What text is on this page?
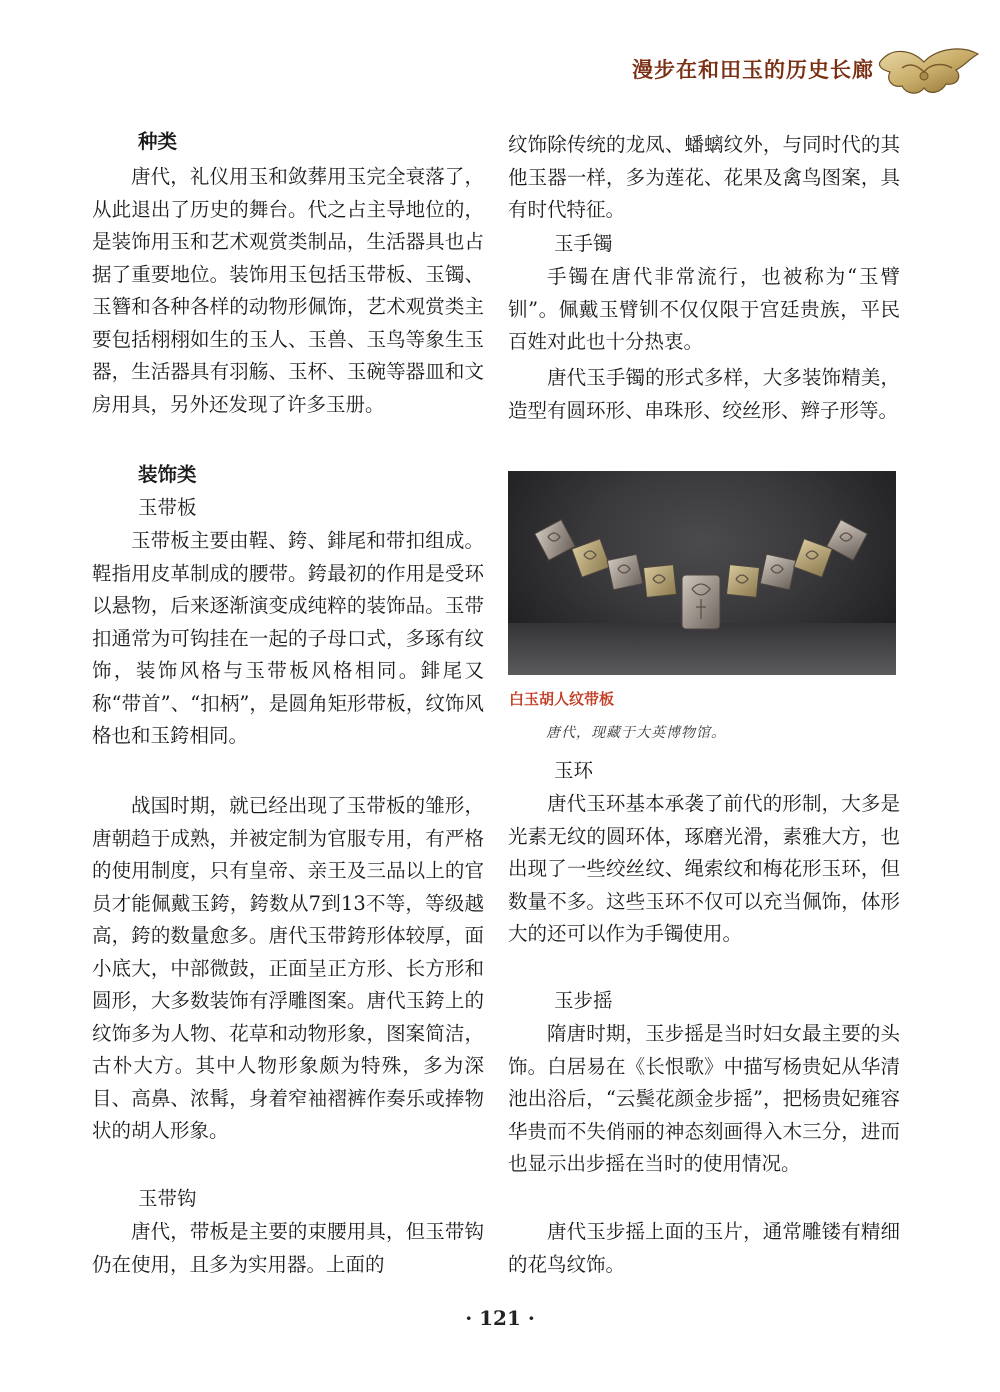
漫步在和田玉的历史长廊
种类

唐代，礼仪用玉和敛葬用玉完全衰落了，从此退出了历史的舞台。代之占主导地位的，是装饰用玉和艺术观赏类制品，生活器具也占据了重要地位。装饰用玉包括玉带板、玉镯、玉簪和各种各样的动物形佩饰，艺术观赏类主要包括栩栩如生的玉人、玉兽、玉鸟等象生玉器，生活器具有羽觞、玉杯、玉碗等器皿和文房用具，另外还发现了许多玉册。

装饰类
玉带板

玉带板主要由鞓、銙、䤵尾和带扣组成。鞓指用皮革制成的腰带。銙最初的作用是受环以悬物，后来逐渐演变成纯粹的装饰品。玉带扣通常为可钩挂在一起的子母口式，多琢有纹饰，装饰风格与玉带板风格相同。䤵尾又称“带首”、“扣柄”，是圆角矩形带板，纹饰风格也和玉銙相同。

战国时期，就已经出现了玉带板的雏形，唐朝趋于成熟，并被定制为官服专用，有严格的使用制度，只有皇帝、亲王及三品以上的官员才能佩戴玉銙，銙数从7到13不等，等级越高，銙的数量愈多。唐代玉带銙形体较厚，面小底大，中部微鼓，正面呈正方形、长方形和圆形，大多数装饰有浮雕图案。唐代玉銙上的纹饰多为人物、花草和动物形象，图案简洁，古朴大方。其中人物形象颇为特殊，多为深目、高鼻、浓髯，身着窄袖褶裤作奏乐或捧物状的胡人形象。

玉带钩

唐代，带板是主要的束腰用具，但玉带钩仍在使用，且多为实用器。上面的

纹饰除传统的龙凤、蟠螭纹外，与同时代的其他玉器一样，多为莲花、花果及禽鸟图案，具有时代特征。

玉手镯

手镯在唐代非常流行，也被称为“玉臂钏”。佩戴玉臂钏不仅仅限于宫廷贵族，平民百姓对此也十分热衷。

唐代玉手镯的形式多样，大多装饰精美，造型有圆环形、串珠形、绞丝形、辫子形等。

白玉胡人纹带板
唐代，现藏于大英博物馆。
玉环

唐代玉环基本承袭了前代的形制，大多是光素无纹的圆环体，琢磨光滑，素雅大方，也出现了一些绞丝纹、绳索纹和梅花形玉环，但数量不多。这些玉环不仅可以充当佩饰，体形大的还可以作为手镯使用。

玉步摇

隋唐时期，玉步摇是当时妇女最主要的头饰。白居易在《长恨歌》中描写杨贵妃从华清池出浴后，“云鬓花颜金步摇”，把杨贵妃雍容华贵而不失俏丽的神态刻画得入木三分，进而也显示出步摇在当时的使用情况。

唐代玉步摇上面的玉片，通常雕镂有精细的花鸟纹饰。

· 121 ·
